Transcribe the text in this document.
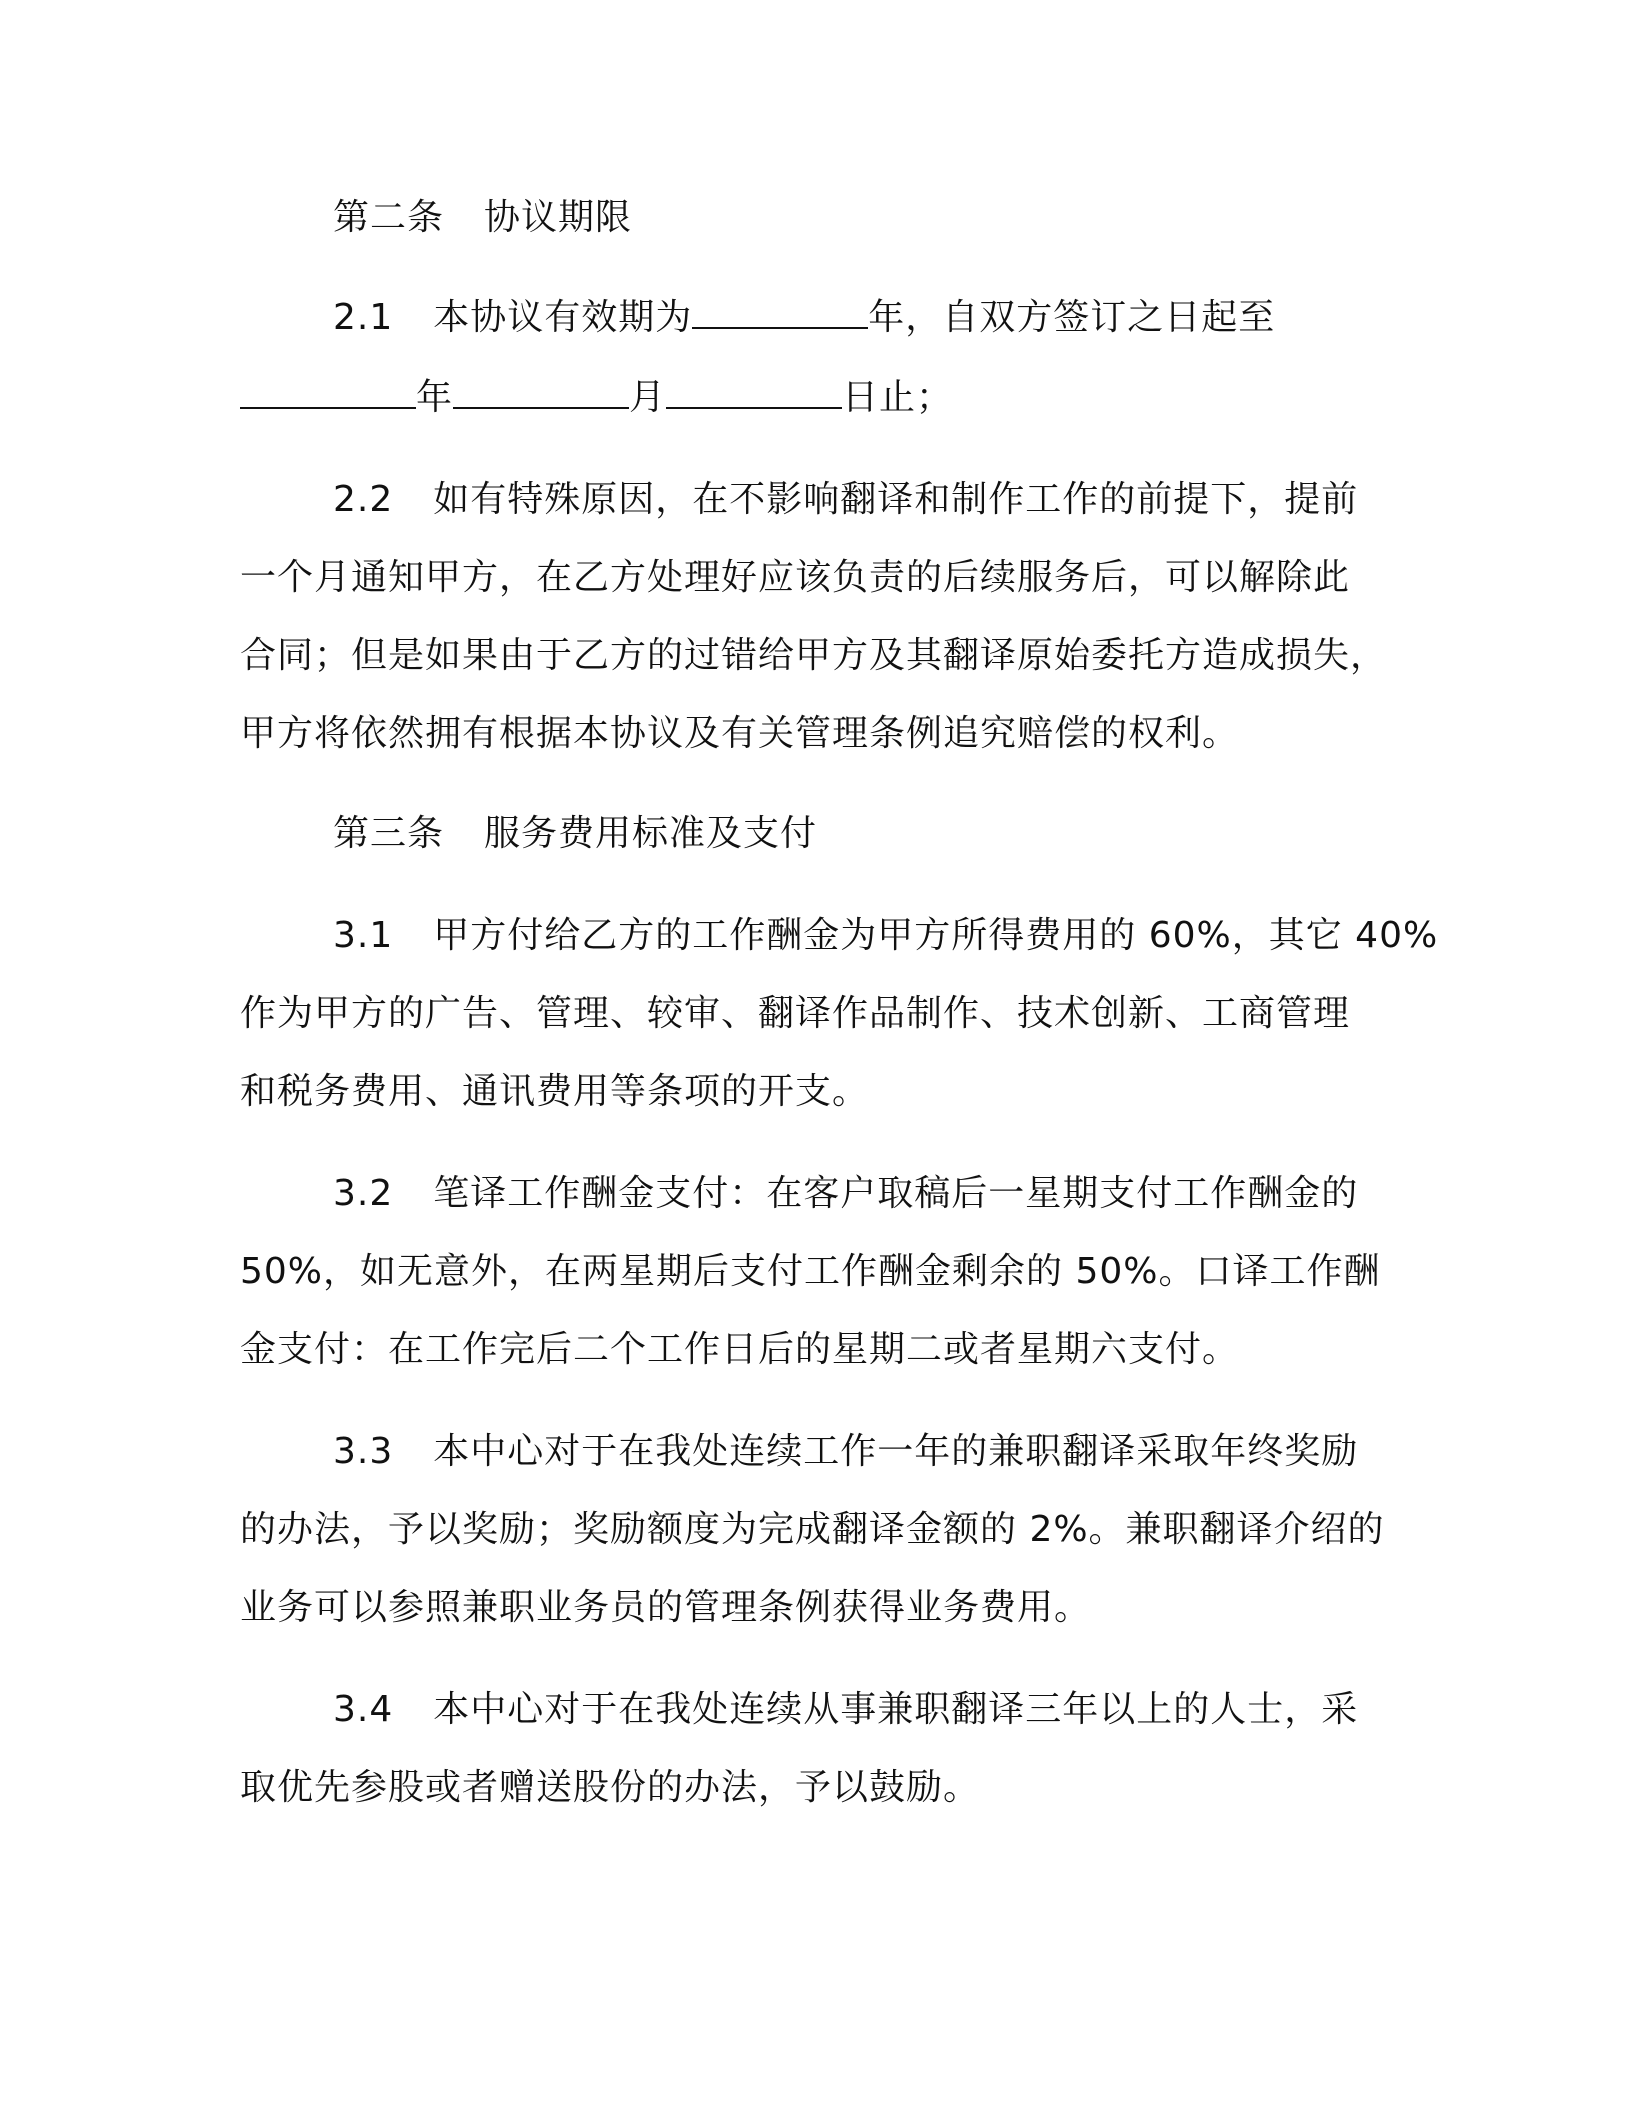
第二条 协议期限
2.1 本协议有效期为	年，自双方签订之日起至
年	月	日止；
2.2 如有特殊原因，在不影响翻译和制作工作的前提下，提前
一个月通知甲方，在乙方处理好应该负责的后续服务后，可以解除此
合同；但是如果由于乙方的过错给甲方及其翻译原始委托方造成损失，
甲方将依然拥有根据本协议及有关管理条例追究赔偿的权利。
第三条 服务费用标准及支付
3.1 甲方付给乙方的工作酬金为甲方所得费用的 60%，其它 40%
作为甲方的广告、管理、较审、翻译作品制作、技术创新、工商管理
和税务费用、通讯费用等条项的开支。
3.2 笔译工作酬金支付：在客户取稿后一星期支付工作酬金的
50%，如无意外，在两星期后支付工作酬金剩余的 50%。口译工作酬
金支付：在工作完后二个工作日后的星期二或者星期六支付。
3.3 本中心对于在我处连续工作一年的兼职翻译采取年终奖励
的办法，予以奖励；奖励额度为完成翻译金额的 2%。兼职翻译介绍的
业务可以参照兼职业务员的管理条例获得业务费用。
3.4 本中心对于在我处连续从事兼职翻译三年以上的人士，采
取优先参股或者赠送股份的办法，予以鼓励。
